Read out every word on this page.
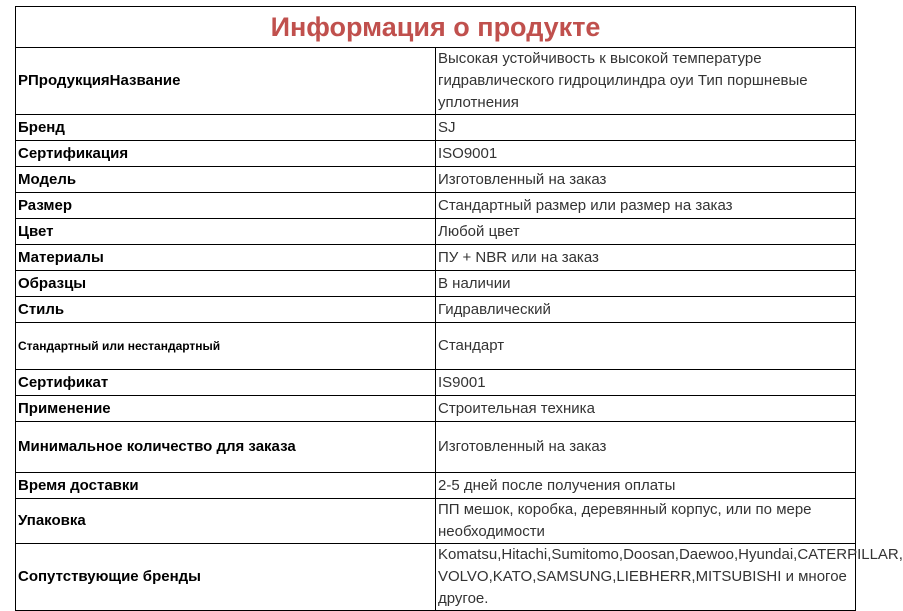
Информация о продукте	
РПродукцияНазвание	Высокая устойчивость к высокой температуре гидравлического гидроцилиндра оуи Тип поршневые уплотнения
Бренд	SJ
Сертификация	ISO9001
Модель	Изготовленный на заказ
Размер	Стандартный размер или размер на заказ
Цвет	Любой цвет
Материалы	ПУ + NBR или на заказ
Образцы	В наличии
Стиль	Гидравлический
Стандартный или нестандартный	Стандарт
Сертификат	IS9001
Применение	Строительная техника
Минимальное количество для заказа	Изготовленный на заказ
Время доставки	2-5 дней после получения оплаты
Упаковка	ПП мешок, коробка, деревянный корпус, или по мере необходимости
Сопутствующие бренды	Komatsu,Hitachi,Sumitomo,Doosan,Daewoo,Hyundai,CATERPILLAR, VOLVO,KATO,SAMSUNG,LIEBHERR,MITSUBISHI и многое другое.
